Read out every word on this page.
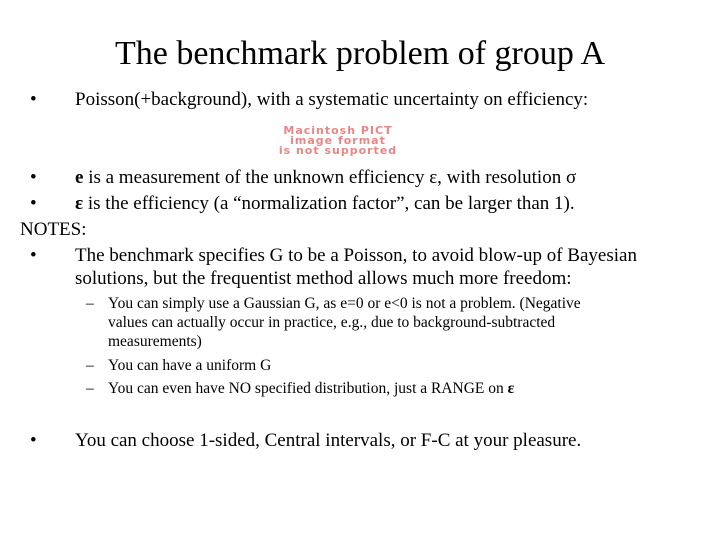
The benchmark problem of group A
• Poisson(+background), with a systematic uncertainty on efficiency:
Macintosh PICT
image format
is not supported
• e is a measurement of the unknown efficiency ε, with resolution σ
• ε is the efficiency (a “normalization factor”, can be larger than 1).
NOTES:
• The benchmark specifies G to be a Poisson, to avoid blow-up of Bayesian
solutions, but the frequentist method allows much more freedom:
– You can simply use a Gaussian G, as e=0 or e<0 is not a problem. (Negative
values can actually occur in practice, e.g., due to background-subtracted
measurements)
– You can have a uniform G
– You can even have NO specified distribution, just a RANGE on ε
• You can choose 1-sided, Central intervals, or F-C at your pleasure.
